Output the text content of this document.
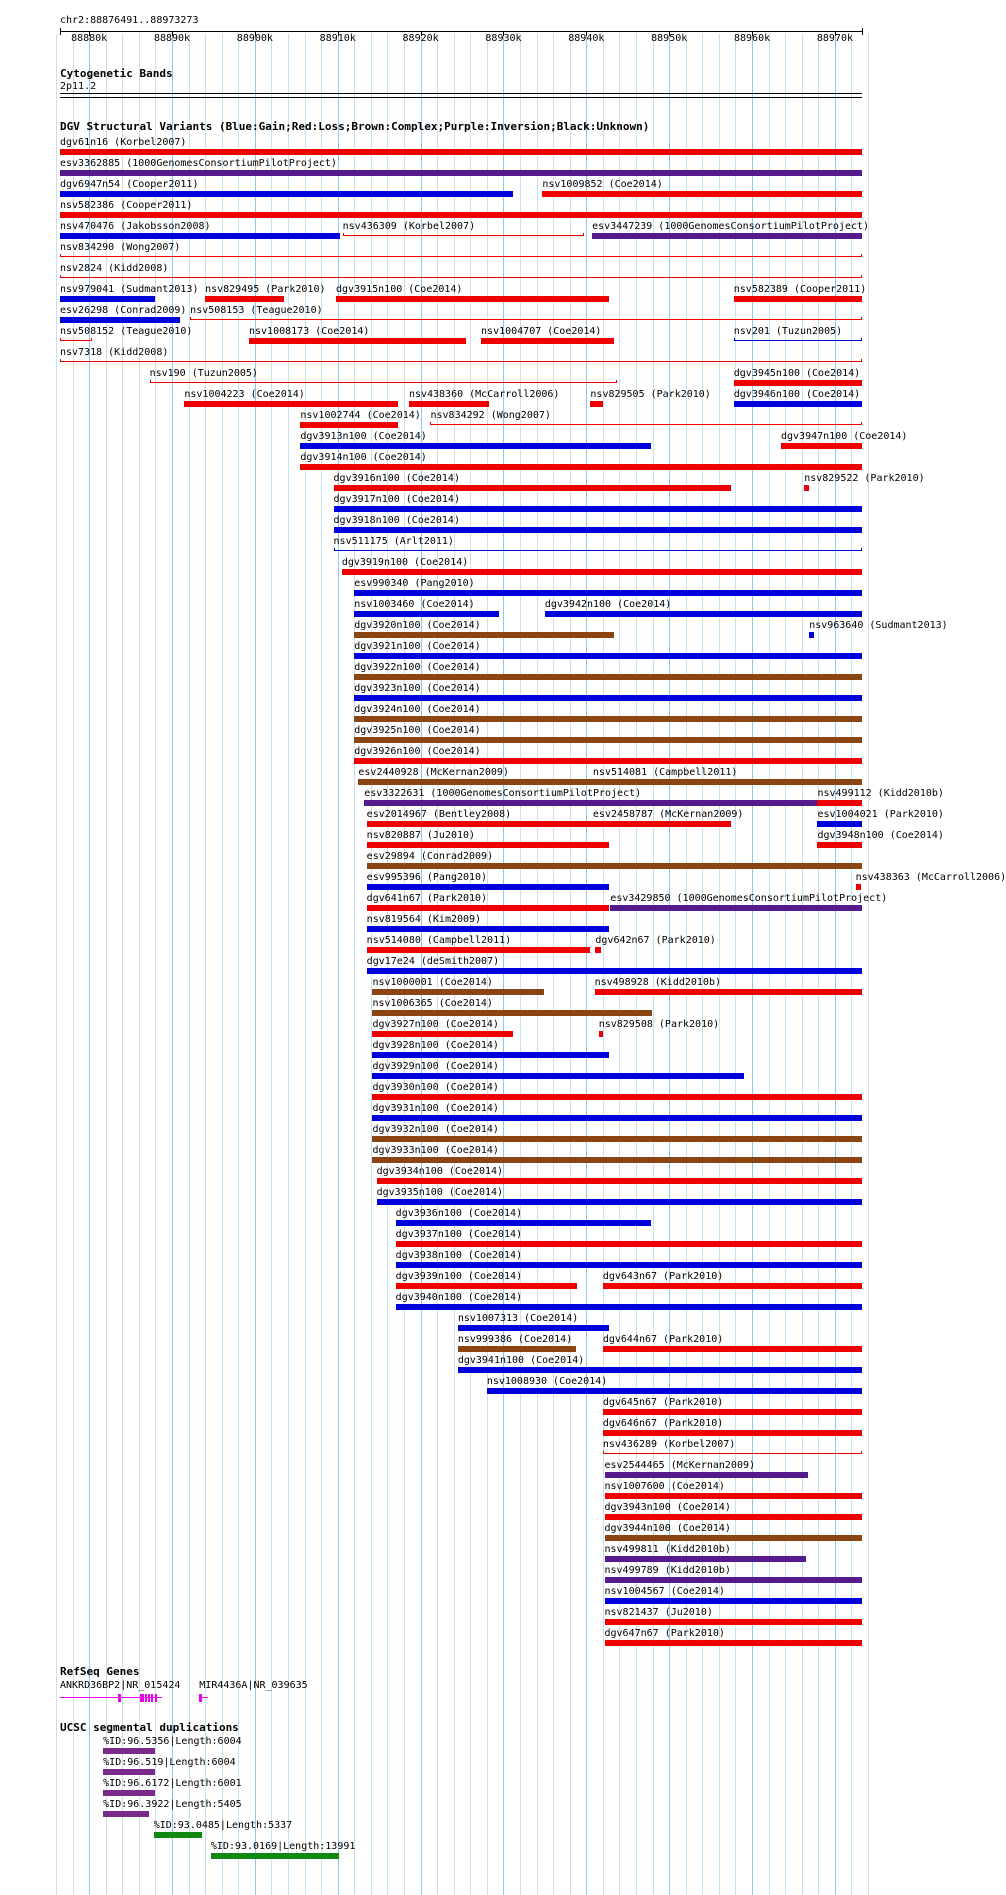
chr2:88876491..88973273
88880k	88890k	88900k	88910k	88920k	88930k	88940k	88950k	88960k	88970k
Cytogenetic Bands
2p11.2
DGV Structural Variants (Blue:Gain;Red:Loss;Brown:Complex;Purple:Inversion;Black:Unknown)
dgv61n16 (Korbel2007)
esv3362885 (1000GenomesConsortiumPilotProject)
dgv6947n54 (Cooper2011)	nsv1009852 (Coe2014)
nsv582386 (Cooper2011)
nsv470476 (Jakobsson2008)	nsv436309 (Korbel2007)	esv3447239 (1000GenomesConsortiumPilotProject)
nsv834290 (Wong2007)
nsv2824 (Kidd2008)
nsv979041 (Sudmant2013) nsv829495 (Park2010) dgv3915n100 (Coe2014)	nsv582389 (Cooper2011)
esv26298 (Conrad2009) nsv508153 (Teague2010)
nsv508152 (Teague2010)	nsv1008173 (Coe2014)	nsv1004707 (Coe2014)	nsv201 (Tuzun2005)
nsv7318 (Kidd2008)
nsv190 (Tuzun2005)	dgv3945n100 (Coe2014)
nsv1004223 (Coe2014)	nsv438360 (McCarroll2006)	nsv829505 (Park2010) dgv3946n100 (Coe2014)
nsv1002744 (Coe2014) nsv834292 (Wong2007)
dgv3913n100 (Coe2014)	dgv3947n100 (Coe2014)
dgv3914n100 (Coe2014)
dgv3916n100 (Coe2014)	nsv829522 (Park2010)
dgv3917n100 (Coe2014)
dgv3918n100 (Coe2014)
nsv511175 (Arlt2011)
dgv3919n100 (Coe2014)
esv990340 (Pang2010)
nsv1003460 (Coe2014)	dgv3942n100 (Coe2014)
dgv3920n100 (Coe2014)	nsv963640 (Sudmant2013)
dgv3921n100 (Coe2014)
dgv3922n100 (Coe2014)
dgv3923n100 (Coe2014)
dgv3924n100 (Coe2014)
dgv3925n100 (Coe2014)
dgv3926n100 (Coe2014)
esv2440928 (McKernan2009)	nsv514081 (Campbell2011)
esv3322631 (1000GenomesConsortiumPilotProject)	nsv499112 (Kidd2010b)
esv2014967 (Bentley2008)	esv2458787 (McKernan2009)	esv1004021 (Park2010)
nsv820887 (Ju2010)	dgv3948n100 (Coe2014)
esv29894 (Conrad2009)
esv995396 (Pang2010)	nsv438363 (McCarroll2006)
dgv641n67 (Park2010)	esv3429850 (1000GenomesConsortiumPilotProject)
nsv819564 (Kim2009)
nsv514080 (Campbell2011)	dgv642n67 (Park2010)
dgv17e24 (deSmith2007)
nsv1000001 (Coe2014)	nsv498928 (Kidd2010b)
nsv1006365 (Coe2014)
dgv3927n100 (Coe2014)	nsv829508 (Park2010)
dgv3928n100 (Coe2014)
dgv3929n100 (Coe2014)
dgv3930n100 (Coe2014)
dgv3931n100 (Coe2014)
dgv3932n100 (Coe2014)
dgv3933n100 (Coe2014)
dgv3934n100 (Coe2014)
dgv3935n100 (Coe2014)
dgv3936n100 (Coe2014)
dgv3937n100 (Coe2014)
dgv3938n100 (Coe2014)
dgv3939n100 (Coe2014)	dgv643n67 (Park2010)
dgv3940n100 (Coe2014)
nsv1007313 (Coe2014)
nsv999386 (Coe2014)	dgv644n67 (Park2010)
dgv3941n100 (Coe2014)
nsv1008930 (Coe2014)
dgv645n67 (Park2010)
dgv646n67 (Park2010)
nsv436289 (Korbel2007)
esv2544465 (McKernan2009)
nsv1007600 (Coe2014)
dgv3943n100 (Coe2014)
dgv3944n100 (Coe2014)
nsv499811 (Kidd2010b)
nsv499789 (Kidd2010b)
nsv1004567 (Coe2014)
nsv821437 (Ju2010)
dgv647n67 (Park2010)
RefSeq Genes
ANKRD36BP2|NR_015424 MIR4436A|NR_039635
UCSC segmental duplications
%ID:96.5356|Length:6004
%ID:96.519|Length:6004
%ID:96.6172|Length:6001
%ID:96.3922|Length:5405
%ID:93.0485|Length:5337
%ID:93.0169|Length:13991
